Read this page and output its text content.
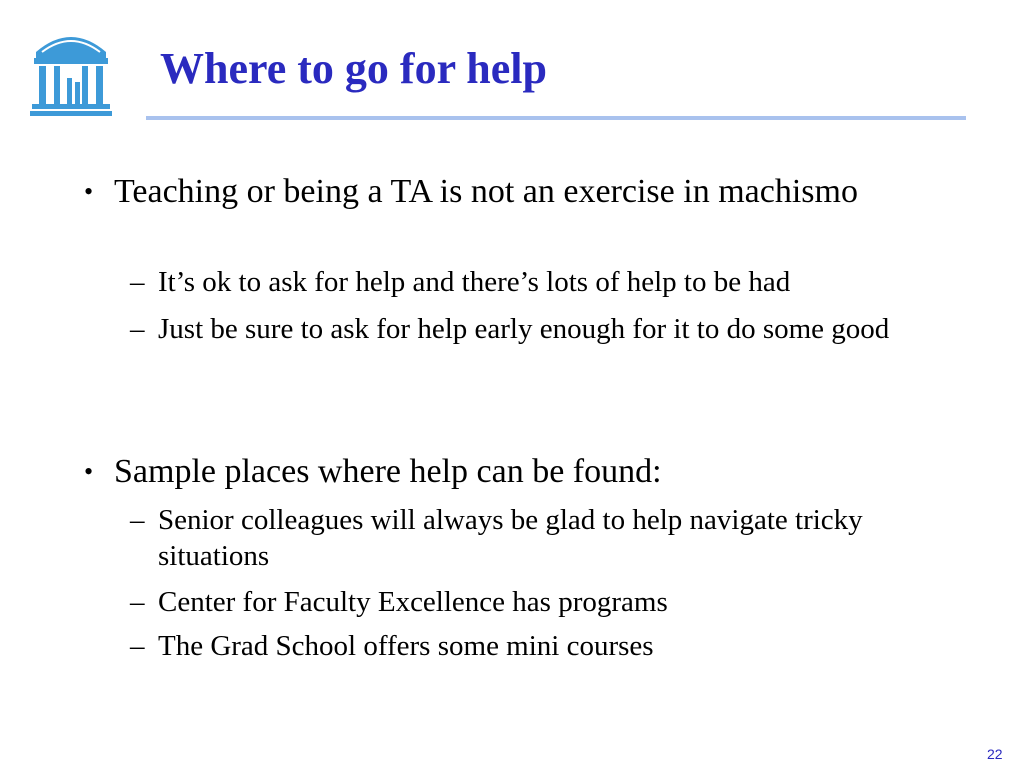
Where to go for help
• Teaching or being a TA is not an exercise in machismo
– It’s ok to ask for help and there’s lots of help to be had
– Just be sure to ask for help early enough for it to do some good
• Sample places where help can be found:
– Senior colleagues will always be glad to help navigate tricky situations
– Center for Faculty Excellence has programs
– The Grad School offers some mini courses
22
